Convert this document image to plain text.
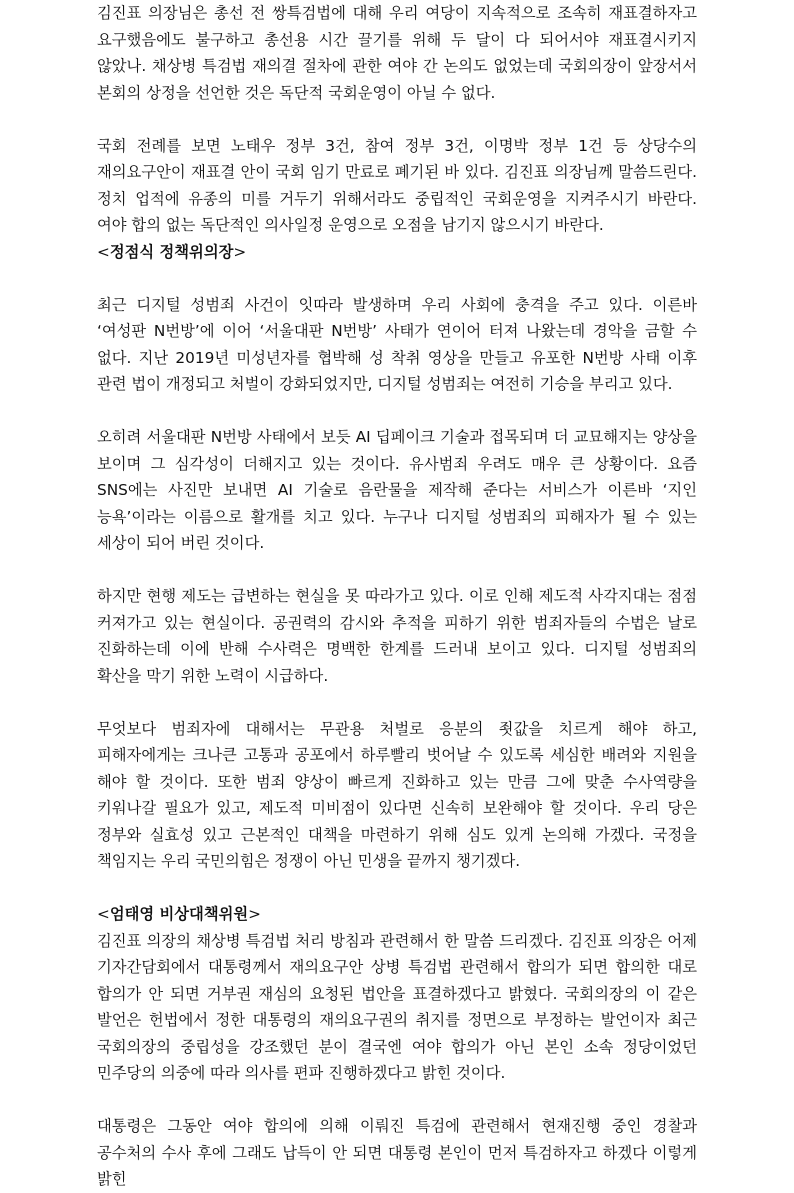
김진표 의장님은 총선 전 쌍특검법에 대해 우리 여당이 지속적으로 조속히 재표결하자고 요구했음에도 불구하고 총선용 시간 끌기를 위해 두 달이 다 되어서야 재표결시키지 않았나. 채상병 특검법 재의결 절차에 관한 여야 간 논의도 없었는데 국회의장이 앞장서서 본회의 상정을 선언한 것은 독단적 국회운영이 아닐 수 없다.

국회 전례를 보면 노태우 정부 3건, 참여 정부 3건, 이명박 정부 1건 등 상당수의 재의요구안이 재표결 안이 국회 임기 만료로 폐기된 바 있다. 김진표 의장님께 말씀드린다. 정치 업적에 유종의 미를 거두기 위해서라도 중립적인 국회운영을 지켜주시기 바란다. 여야 합의 없는 독단적인 의사일정 운영으로 오점을 남기지 않으시기 바란다.

<정점식 정책위의장>

최근 디지털 성범죄 사건이 잇따라 발생하며 우리 사회에 충격을 주고 있다. 이른바 ‘여성판 N번방’에 이어 ‘서울대판 N번방’ 사태가 연이어 터져 나왔는데 경악을 금할 수 없다. 지난 2019년 미성년자를 협박해 성 착취 영상을 만들고 유포한 N번방 사태 이후 관련 법이 개정되고 처벌이 강화되었지만, 디지털 성범죄는 여전히 기승을 부리고 있다.

오히려 서울대판 N번방 사태에서 보듯 AI 딥페이크 기술과 접목되며 더 교묘해지는 양상을 보이며 그 심각성이 더해지고 있는 것이다. 유사범죄 우려도 매우 큰 상황이다. 요즘 SNS에는 사진만 보내면 AI 기술로 음란물을 제작해 준다는 서비스가 이른바 ‘지인 능욕’이라는 이름으로 활개를 치고 있다. 누구나 디지털 성범죄의 피해자가 될 수 있는 세상이 되어 버린 것이다.

하지만 현행 제도는 급변하는 현실을 못 따라가고 있다. 이로 인해 제도적 사각지대는 점점 커져가고 있는 현실이다. 공권력의 감시와 추적을 피하기 위한 범죄자들의 수법은 날로 진화하는데 이에 반해 수사력은 명백한 한계를 드러내 보이고 있다. 디지털 성범죄의 확산을 막기 위한 노력이 시급하다.

무엇보다 범죄자에 대해서는 무관용 처벌로 응분의 죗값을 치르게 해야 하고, 피해자에게는 크나큰 고통과 공포에서 하루빨리 벗어날 수 있도록 세심한 배려와 지원을 해야 할 것이다. 또한 범죄 양상이 빠르게 진화하고 있는 만큼 그에 맞춘 수사역량을 키워나갈 필요가 있고, 제도적 미비점이 있다면 신속히 보완해야 할 것이다. 우리 당은 정부와 실효성 있고 근본적인 대책을 마련하기 위해 심도 있게 논의해 가겠다. 국정을 책임지는 우리 국민의힘은 정쟁이 아닌 민생을 끝까지 챙기겠다.

<엄태영 비상대책위원>

김진표 의장의 채상병 특검법 처리 방침과 관련해서 한 말씀 드리겠다. 김진표 의장은 어제 기자간담회에서 대통령께서 재의요구안 상병 특검법 관련해서 합의가 되면 합의한 대로 합의가 안 되면 거부권 재심의 요청된 법안을 표결하겠다고 밝혔다. 국회의장의 이 같은 발언은 헌법에서 정한 대통령의 재의요구권의 취지를 정면으로 부정하는 발언이자 최근 국회의장의 중립성을 강조했던 분이 결국엔 여야 합의가 아닌 본인 소속 정당이었던 민주당의 의중에 따라 의사를 편파 진행하겠다고 밝힌 것이다.

대통령은 그동안 여야 합의에 의해 이뤄진 특검에 관련해서 현재진행 중인 경찰과 공수처의 수사 후에 그래도 납득이 안 되면 대통령 본인이 먼저 특검하자고 하겠다 이렇게 밝힌
